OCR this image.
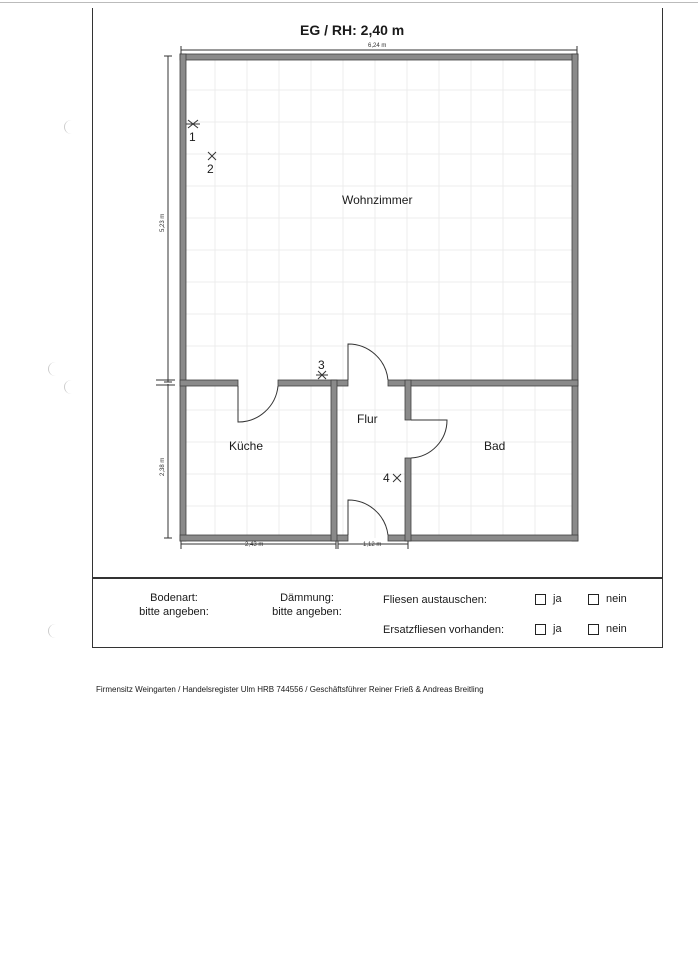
EG / RH: 2,40 m
6,24 m
5,23 m
2,38 m
2,43 m	1,12 m
Wohnzimmer
Küche
Flur
Bad
1
2
3
4
Bodenart:
bitte angeben:
Dämmung:
bitte angeben:
Fliesen austauschen:	ja	nein
Ersatzfliesen vorhanden:	ja	nein
Firmensitz Weingarten / Handelsregister Ulm HRB 744556 / Geschäftsführer Reiner Frieß & Andreas Breitling
